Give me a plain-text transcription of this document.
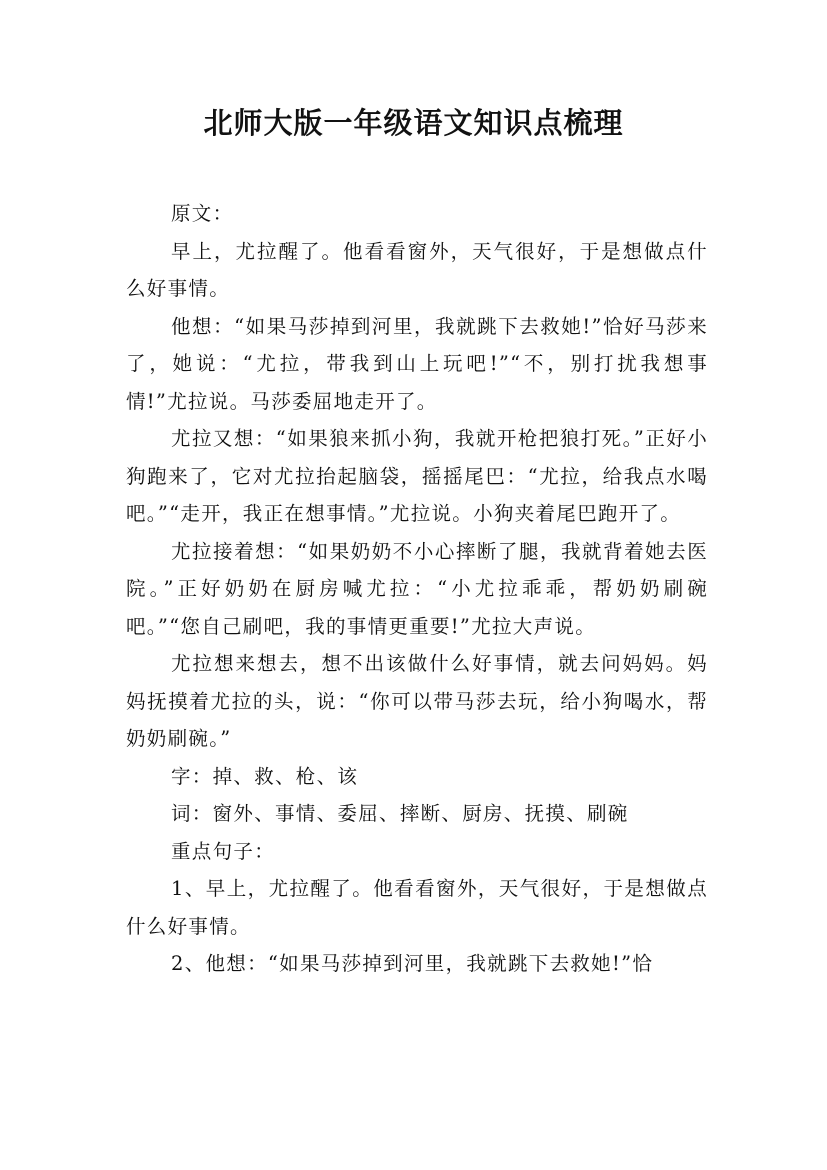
北师大版一年级语文知识点梳理

原文：

早上，尤拉醒了。他看看窗外，天气很好，于是想做点什么好事情。

他想：“如果马莎掉到河里，我就跳下去救她!”恰好马莎来了，她说：“尤拉，带我到山上玩吧!”“不，别打扰我想事情!”尤拉说。马莎委屈地走开了。

尤拉又想：“如果狼来抓小狗，我就开枪把狼打死。”正好小狗跑来了，它对尤拉抬起脑袋，摇摇尾巴：“尤拉，给我点水喝吧。”“走开，我正在想事情。”尤拉说。小狗夹着尾巴跑开了。

尤拉接着想：“如果奶奶不小心摔断了腿，我就背着她去医院。”正好奶奶在厨房喊尤拉：“小尤拉乖乖，帮奶奶刷碗吧。”“您自己刷吧，我的事情更重要!”尤拉大声说。

尤拉想来想去，想不出该做什么好事情，就去问妈妈。妈妈抚摸着尤拉的头，说：“你可以带马莎去玩，给小狗喝水，帮奶奶刷碗。”

字：掉、救、枪、该

词：窗外、事情、委屈、摔断、厨房、抚摸、刷碗

重点句子：

1、早上，尤拉醒了。他看看窗外，天气很好，于是想做点什么好事情。

2、他想：“如果马莎掉到河里，我就跳下去救她!”恰
